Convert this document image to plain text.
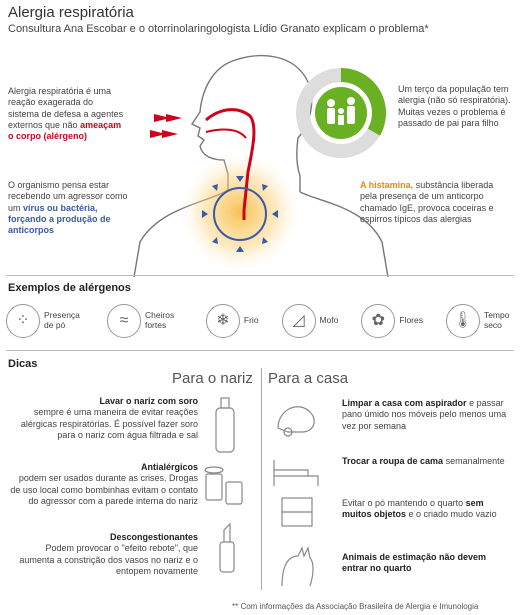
Alergia respiratória
Consultura Ana Escobar e o otorrinolaringologista Lídio Granato explicam o problema*
Alergia respiratória é uma reação exagerada do sistema de defesa a agentes externos que não ameaçam o corpo (alérgeno)
O organismo pensa estar recebendo um agressor como um vírus ou bactéria, forçando a produção de anticorpos
Um terço da população tem alergia (não só respiratória). Muitas vezes o problema é passado de pai para filho
A histamina, substância liberada pela presença de um anticorpo chamado IgE, provoca coceiras e espirros típicos das alergias
Exemplos de alérgenos
⁘	Presença de pó	≈	Cheiros fortes	❄	Frio	◿	Mofo	✿	Flores	🌡	Tempo seco
Dicas
Para o nariz Para a casa
Lavar o nariz com soro
sempre é uma maneira de evitar reações alérgicas respiratórias. É possível fazer soro para o nariz com água filtrada e sal
Antialérgicos
podem ser usados durante as crises. Drogas de uso local como bombinhas evitam o contato do agressor com a parede interna do nariz
Descongestionantes
Podem provocar o "efeito rebote", que aumenta a constrição dos vasos no nariz e o entopem novamente
Limpar a casa com aspirador e passar pano úmido nos móveis pelo menos uma vez por semana
Trocar a roupa de cama semanalmente
Evitar o pó mantendo o quarto sem muitos objetos e o criado mudo vazio
Animais de estimação não devem entrar no quarto
** Com informações da Associação Brasileira de Alergia e Imunologia
